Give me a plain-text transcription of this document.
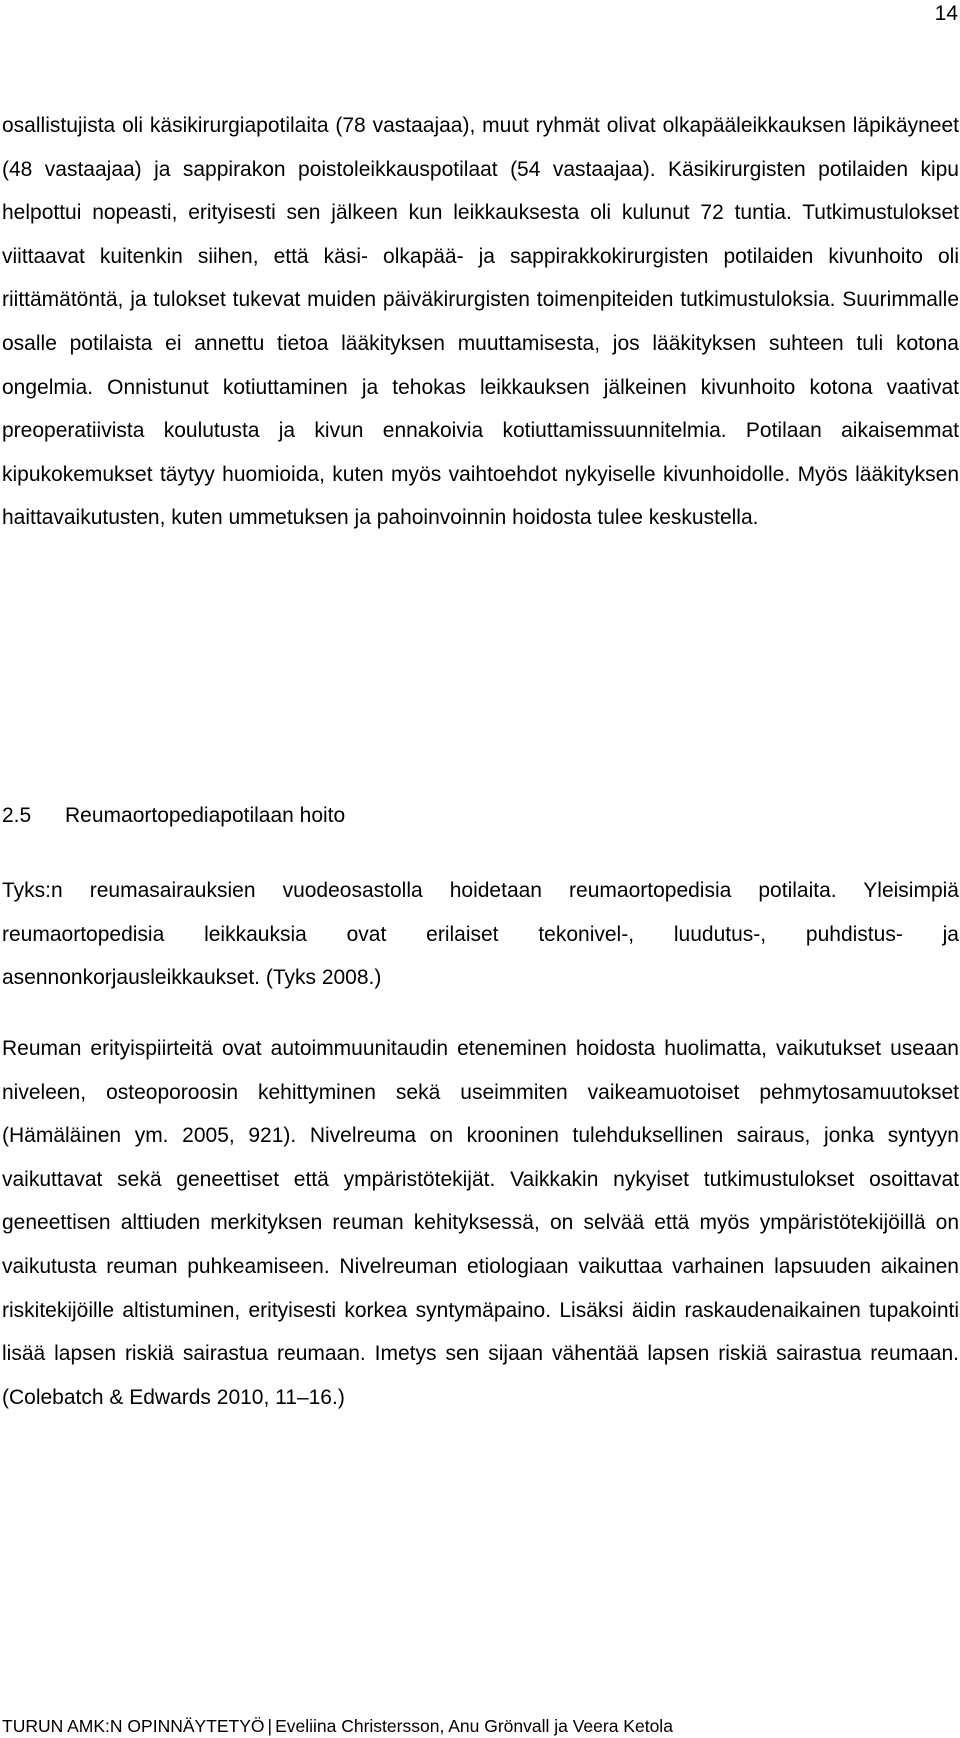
14

osallistujista oli käsikirurgiapotilaita (78 vastaajaa), muut ryhmät olivat olkapääleikkauksen läpikäyneet (48 vastaajaa) ja sappirakon poistoleikkauspotilaat (54 vastaajaa). Käsikirurgisten potilaiden kipu helpottui nopeasti, erityisesti sen jälkeen kun leikkauksesta oli kulunut 72 tuntia. Tutkimustulokset viittaavat kuitenkin siihen, että käsi- olkapää- ja sappirakkokirurgisten potilaiden kivunhoito oli riittämätöntä, ja tulokset tukevat muiden päiväkirurgisten toimenpiteiden tutkimustuloksia. Suurimmalle osalle potilaista ei annettu tietoa lääkityksen muuttamisesta, jos lääkityksen suhteen tuli kotona ongelmia. Onnistunut kotiuttaminen ja tehokas leikkauksen jälkeinen kivunhoito kotona vaativat preoperatiivista koulutusta ja kivun ennakoivia kotiuttamissuunnitelmia. Potilaan aikaisemmat kipukokemukset täytyy huomioida, kuten myös vaihtoehdot nykyiselle kivunhoidolle. Myös lääkityksen haittavaikutusten, kuten ummetuksen ja pahoinvoinnin hoidosta tulee keskustella.

2.5 Reumaortopediapotilaan hoito

Tyks:n reumasairauksien vuodeosastolla hoidetaan reumaortopedisia potilaita. Yleisimpiä reumaortopedisia leikkauksia ovat erilaiset tekonivel-, luudutus-, puhdistus- ja asennonkorjausleikkaukset. (Tyks 2008.)

Reuman erityispiirteitä ovat autoimmuunitaudin eteneminen hoidosta huolimatta, vaikutukset useaan niveleen, osteoporoosin kehittyminen sekä useimmiten vaikeamuotoiset pehmytosamuutokset (Hämäläinen ym. 2005, 921). Nivelreuma on krooninen tulehduksellinen sairaus, jonka syntyyn vaikuttavat sekä geneettiset että ympäristötekijät. Vaikkakin nykyiset tutkimustulokset osoittavat geneettisen alttiuden merkityksen reuman kehityksessä, on selvää että myös ympäristötekijöillä on vaikutusta reuman puhkeamiseen. Nivelreuman etiologiaan vaikuttaa varhainen lapsuuden aikainen riskitekijöille altistuminen, erityisesti korkea syntymäpaino. Lisäksi äidin raskaudenaikainen tupakointi lisää lapsen riskiä sairastua reumaan. Imetys sen sijaan vähentää lapsen riskiä sairastua reumaan. (Colebatch & Edwards 2010, 11–16.)

TURUN AMK:N OPINNÄYTETYÖ | Eveliina Christersson, Anu Grönvall ja Veera Ketola
